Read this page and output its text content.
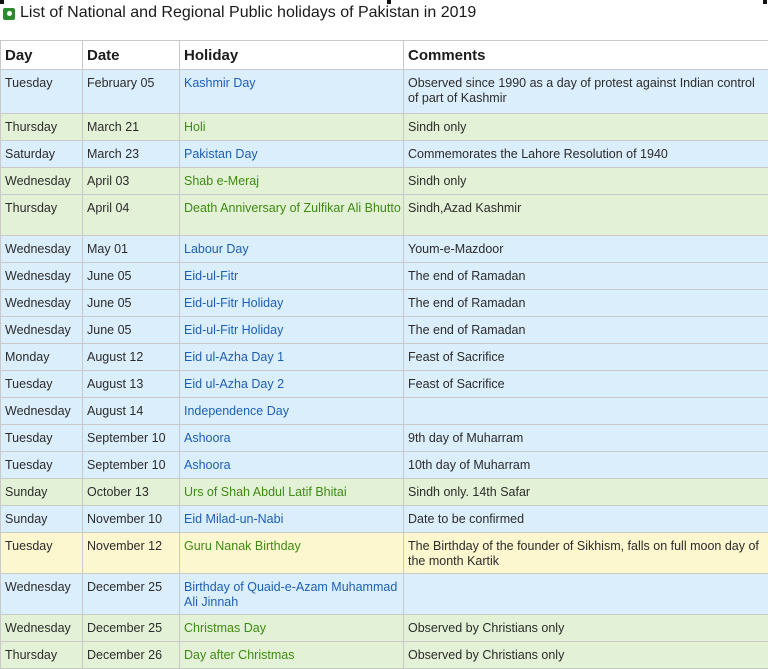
List of National and Regional Public holidays of Pakistan in 2019
Day	Date	Holiday	Comments
Tuesday	February 05	Kashmir Day	Observed since 1990 as a day of protest against Indian control of part of Kashmir
Thursday	March 21	Holi	Sindh only
Saturday	March 23	Pakistan Day	Commemorates the Lahore Resolution of 1940
Wednesday	April 03	Shab e-Meraj	Sindh only
Thursday	April 04	Death Anniversary of Zulfikar Ali Bhutto	Sindh,Azad Kashmir
Wednesday	May 01	Labour Day	Youm-e-Mazdoor
Wednesday	June 05	Eid-ul-Fitr	The end of Ramadan
Wednesday	June 05	Eid-ul-Fitr Holiday	The end of Ramadan
Wednesday	June 05	Eid-ul-Fitr Holiday	The end of Ramadan
Monday	August 12	Eid ul-Azha Day 1	Feast of Sacrifice
Tuesday	August 13	Eid ul-Azha Day 2	Feast of Sacrifice
Wednesday	August 14	Independence Day	
Tuesday	September 10	Ashoora	9th day of Muharram
Tuesday	September 10	Ashoora	10th day of Muharram
Sunday	October 13	Urs of Shah Abdul Latif Bhitai	Sindh only. 14th Safar
Sunday	November 10	Eid Milad-un-Nabi	Date to be confirmed
Tuesday	November 12	Guru Nanak Birthday	The Birthday of the founder of Sikhism, falls on full moon day of the month Kartik
Wednesday	December 25	Birthday of Quaid-e-Azam Muhammad Ali Jinnah	
Wednesday	December 25	Christmas Day	Observed by Christians only
Thursday	December 26	Day after Christmas	Observed by Christians only
